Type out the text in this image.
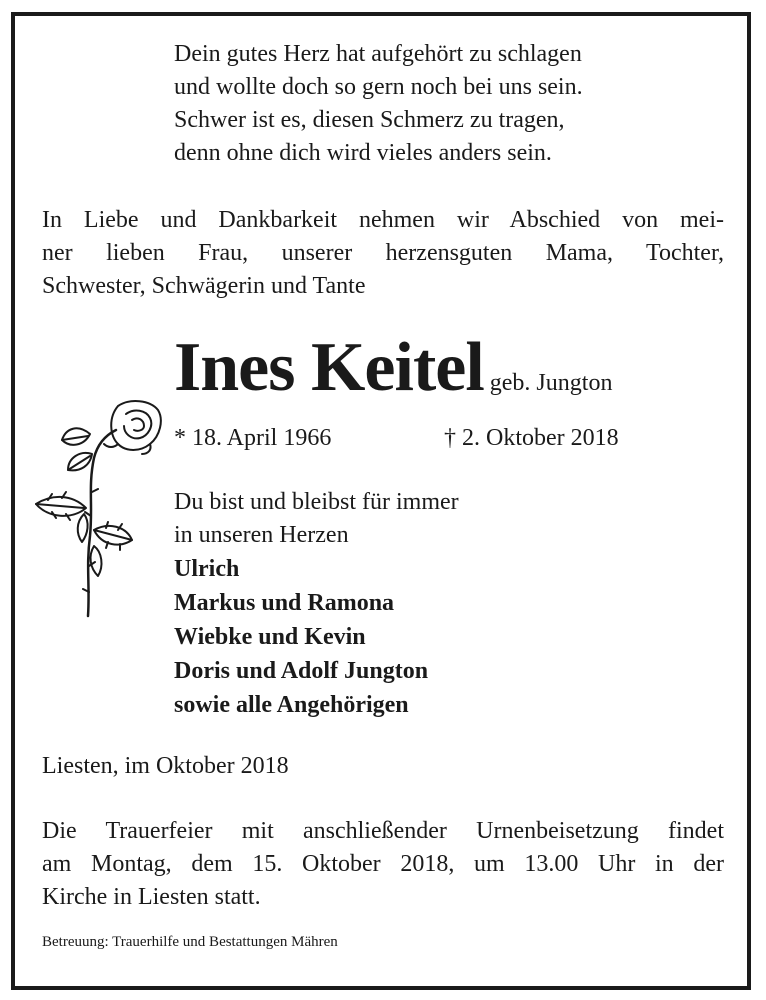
Dein gutes Herz hat aufgehört zu schlagen
und wollte doch so gern noch bei uns sein.
Schwer ist es, diesen Schmerz zu tragen,
denn ohne dich wird vieles anders sein.
In Liebe und Dankbarkeit nehmen wir Abschied von mei-
ner lieben Frau, unserer herzensguten Mama, Tochter,
Schwester, Schwägerin und Tante
Ines Keitel geb. Jungton
* 18. April 1966	† 2. Oktober 2018
Du bist und bleibst für immer
in unseren Herzen
Ulrich
Markus und Ramona
Wiebke und Kevin
Doris und Adolf Jungton
sowie alle Angehörigen
Liesten, im Oktober 2018
Die Trauerfeier mit anschließender Urnenbeisetzung findet
am Montag, dem 15. Oktober 2018, um 13.00 Uhr in der
Kirche in Liesten statt.
Betreuung: Trauerhilfe und Bestattungen Mähren
